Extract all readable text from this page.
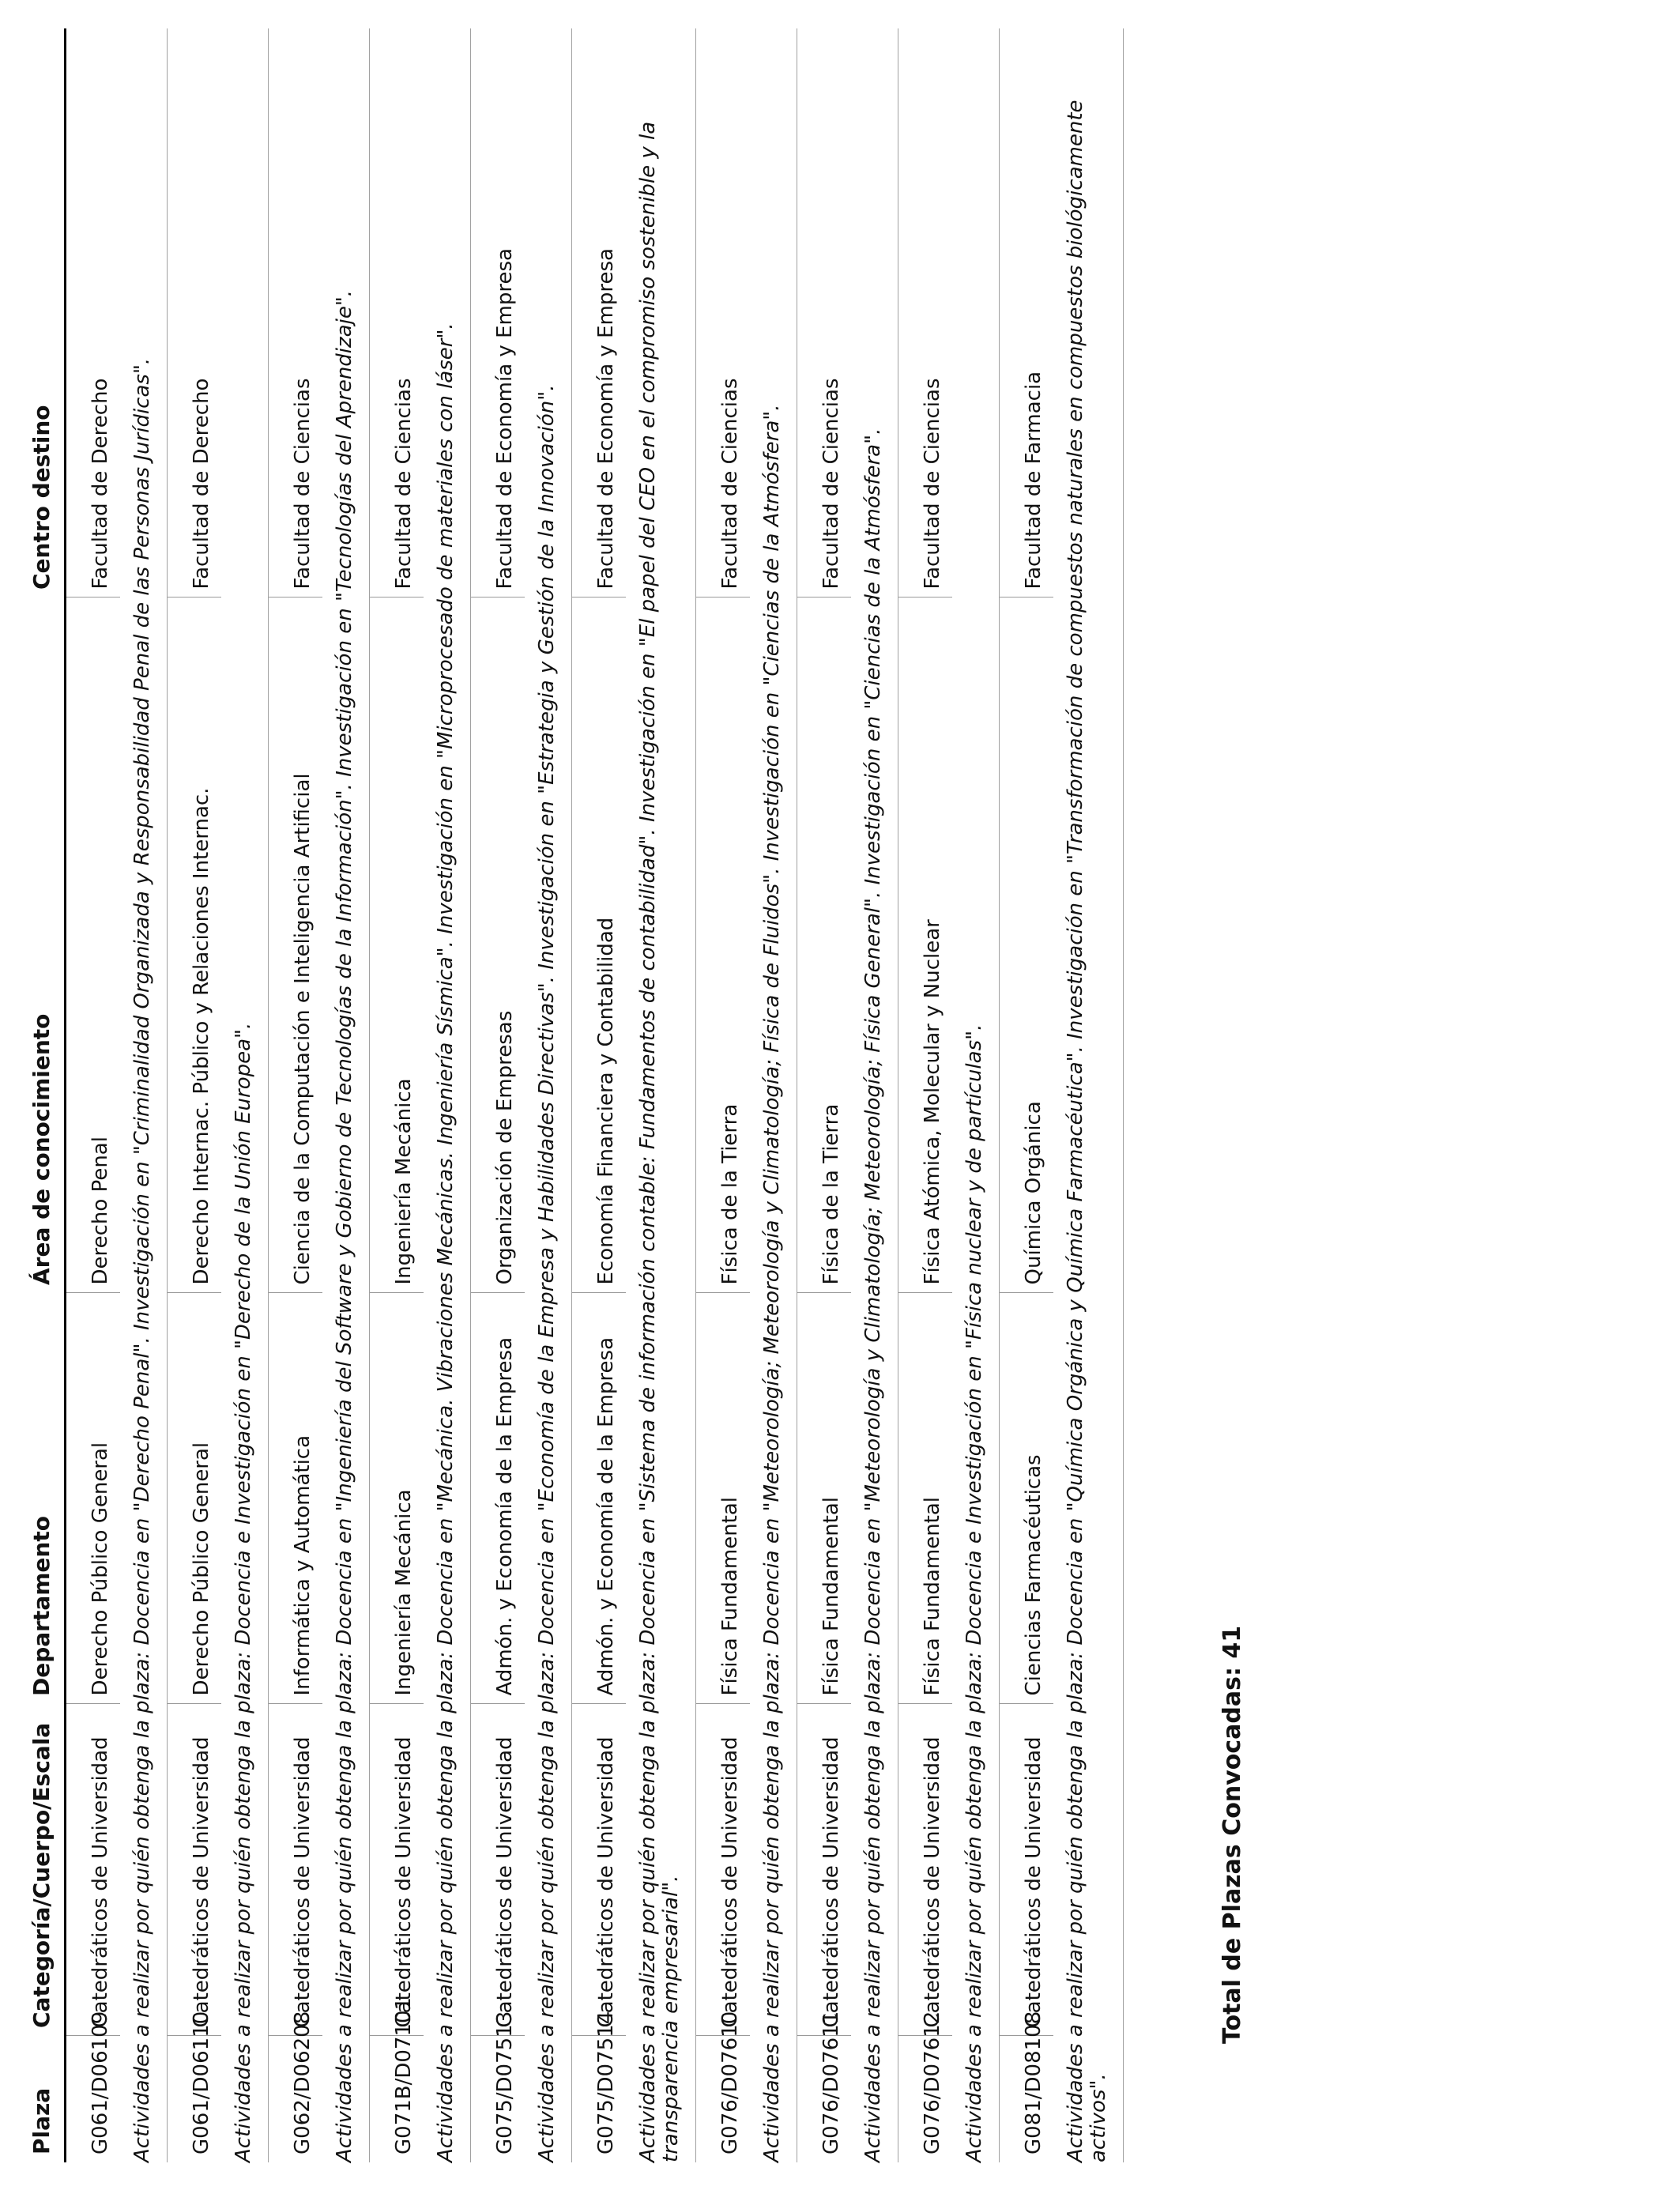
Plaza	Categoría/Cuerpo/Escala	Departamento	Área de conocimiento	Centro destino
G061/D06109	Catedráticos de Universidad	Derecho Público General	Derecho Penal	Facultad de Derecho
Actividades a realizar por quién obtenga la plaza: Docencia en "Derecho Penal". Investigación en "Criminalidad Organizada y Responsabilidad Penal de las Personas Jurídicas".				
G061/D06110	Catedráticos de Universidad	Derecho Público General	Derecho Internac. Público y Relaciones Internac.	Facultad de Derecho
Actividades a realizar por quién obtenga la plaza: Docencia e Investigación en "Derecho de la Unión Europea".				
G062/D06208	Catedráticos de Universidad	Informática y Automática	Ciencia de la Computación e Inteligencia Artificial	Facultad de Ciencias
Actividades a realizar por quién obtenga la plaza: Docencia en "Ingeniería del Software y Gobierno de Tecnologías de la Información". Investigación en "Tecnologías del Aprendizaje".				
G071B/D07101	Catedráticos de Universidad	Ingeniería Mecánica	Ingeniería Mecánica	Facultad de Ciencias
Actividades a realizar por quién obtenga la plaza: Docencia en "Mecánica. Vibraciones Mecánicas. Ingeniería Sísmica". Investigación en "Microprocesado de materiales con láser".				
G075/D07513	Catedráticos de Universidad	Admón. y Economía de la Empresa	Organización de Empresas	Facultad de Economía y Empresa
Actividades a realizar por quién obtenga la plaza: Docencia en "Economía de la Empresa y Habilidades Directivas". Investigación en "Estrategia y Gestión de la Innovación".				
G075/D07514	Catedráticos de Universidad	Admón. y Economía de la Empresa	Economía Financiera y Contabilidad	Facultad de Economía y Empresa
Actividades a realizar por quién obtenga la plaza: Docencia en "Sistema de información contable: Fundamentos de contabilidad". Investigación en "El papel del CEO en el compromiso sostenible y la transparencia empresarial".				
G076/D07610	Catedráticos de Universidad	Física Fundamental	Física de la Tierra	Facultad de Ciencias
Actividades a realizar por quién obtenga la plaza: Docencia en "Meteorología; Meteorología y Climatología; Física de Fluidos". Investigación en "Ciencias de la Atmósfera".				
G076/D07611	Catedráticos de Universidad	Física Fundamental	Física de la Tierra	Facultad de Ciencias
Actividades a realizar por quién obtenga la plaza: Docencia en "Meteorología y Climatología; Meteorología; Física General". Investigación en "Ciencias de la Atmósfera".				
G076/D07612	Catedráticos de Universidad	Física Fundamental	Física Atómica, Molecular y Nuclear	Facultad de Ciencias
Actividades a realizar por quién obtenga la plaza: Docencia e Investigación en "Física nuclear y de partículas".				
G081/D08108	Catedráticos de Universidad	Ciencias Farmacéuticas	Química Orgánica	Facultad de Farmacia
Actividades a realizar por quién obtenga la plaza: Docencia en "Química Orgánica y Química Farmacéutica". Investigación en "Transformación de compuestos naturales en compuestos biológicamente activos".				
Total de Plazas Convocadas: 41
